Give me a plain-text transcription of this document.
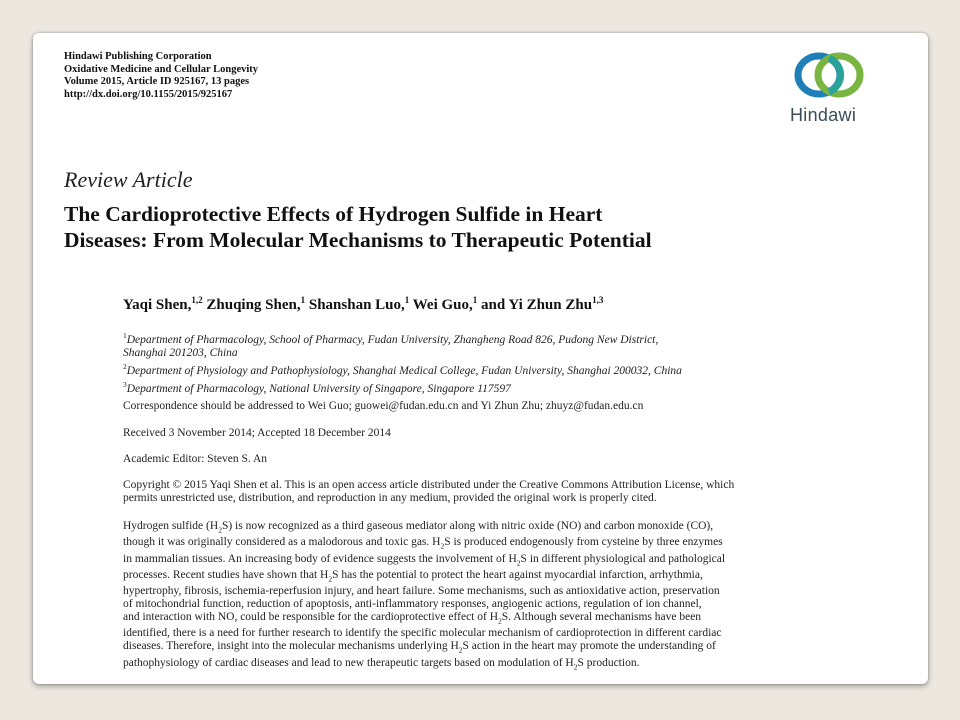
Hindawi Publishing Corporation
Oxidative Medicine and Cellular Longevity
Volume 2015, Article ID 925167, 13 pages
http://dx.doi.org/10.1155/2015/925167
Hindawi
Review Article
The Cardioprotective Effects of Hydrogen Sulfide in Heart
Diseases: From Molecular Mechanisms to Therapeutic Potential
Yaqi Shen,$^{1,2}$ Zhuqing Shen,$^1$ Shanshan Luo,$^1$ Wei Guo,$^1$ and Yi Zhun Zhu$^{1,3}$
$^1$Department of Pharmacology, School of Pharmacy, Fudan University, Zhangheng Road 826, Pudong New District,
Shanghai 201203, China
$^2$Department of Physiology and Pathophysiology, Shanghai Medical College, Fudan University, Shanghai 200032, China
$^3$Department of Pharmacology, National University of Singapore, Singapore 117597
Correspondence should be addressed to Wei Guo; guowei@fudan.edu.cn and Yi Zhun Zhu; zhuyz@fudan.edu.cn
Received 3 November 2014; Accepted 18 December 2014
Academic Editor: Steven S. An
Copyright © 2015 Yaqi Shen et al. This is an open access article distributed under the Creative Commons Attribution License, which
permits unrestricted use, distribution, and reproduction in any medium, provided the original work is properly cited.
Hydrogen sulfide $(H_2S)$ is now recognized as a third gaseous mediator along with nitric oxide (NO) and carbon monoxide (CO),
though it was originally considered as a malodorous and toxic gas. $H_2S$ is produced endogenously from cysteine by three enzymes
in mammalian tissues. An increasing body of evidence suggests the involvement of $H_2S$ in different physiological and pathological
processes. Recent studies have shown that $H_2S$ has the potential to protect the heart against myocardial infarction, arrhythmia,
hypertrophy, fibrosis, ischemia-reperfusion injury, and heart failure. Some mechanisms, such as antioxidative action, preservation
of mitochondrial function, reduction of apoptosis, anti-inflammatory responses, angiogenic actions, regulation of ion channel,
and interaction with NO, could be responsible for the cardioprotective effect of $H_2S$. Although several mechanisms have been
identified, there is a need for further research to identify the specific molecular mechanism of cardioprotection in different cardiac
diseases. Therefore, insight into the molecular mechanisms underlying $H_2S$ action in the heart may promote the understanding of
pathophysiology of cardiac diseases and lead to new therapeutic targets based on modulation of $H_2S$ production.
